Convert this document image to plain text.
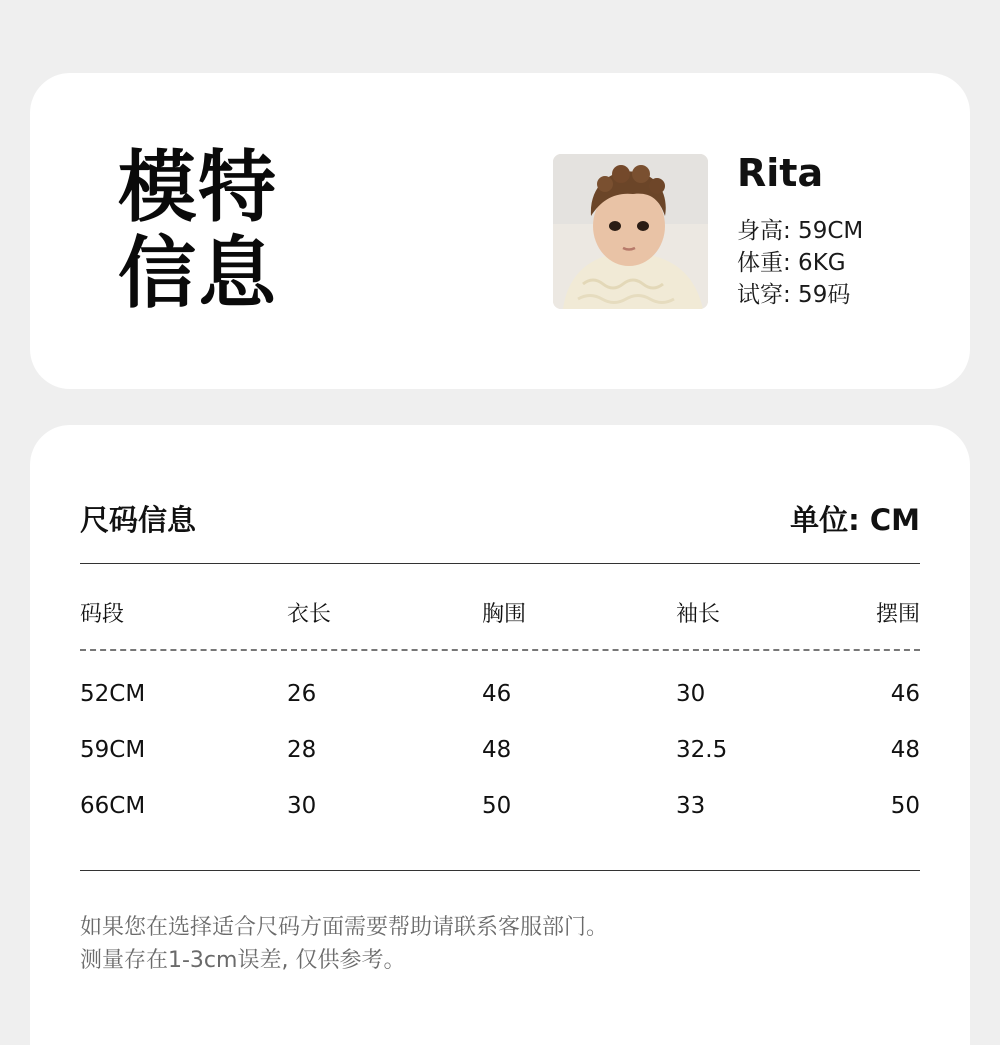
模特
信息
Rita
身高: 59CM
体重: 6KG
试穿: 59码
尺码信息	单位: CM
码段	衣长	胸围	袖长	摆围
52CM	26	46	30	46
59CM	28	48	32.5	48
66CM	30	50	33	50
如果您在选择适合尺码方面需要帮助请联系客服部门。
测量存在1-3cm误差, 仅供参考。
